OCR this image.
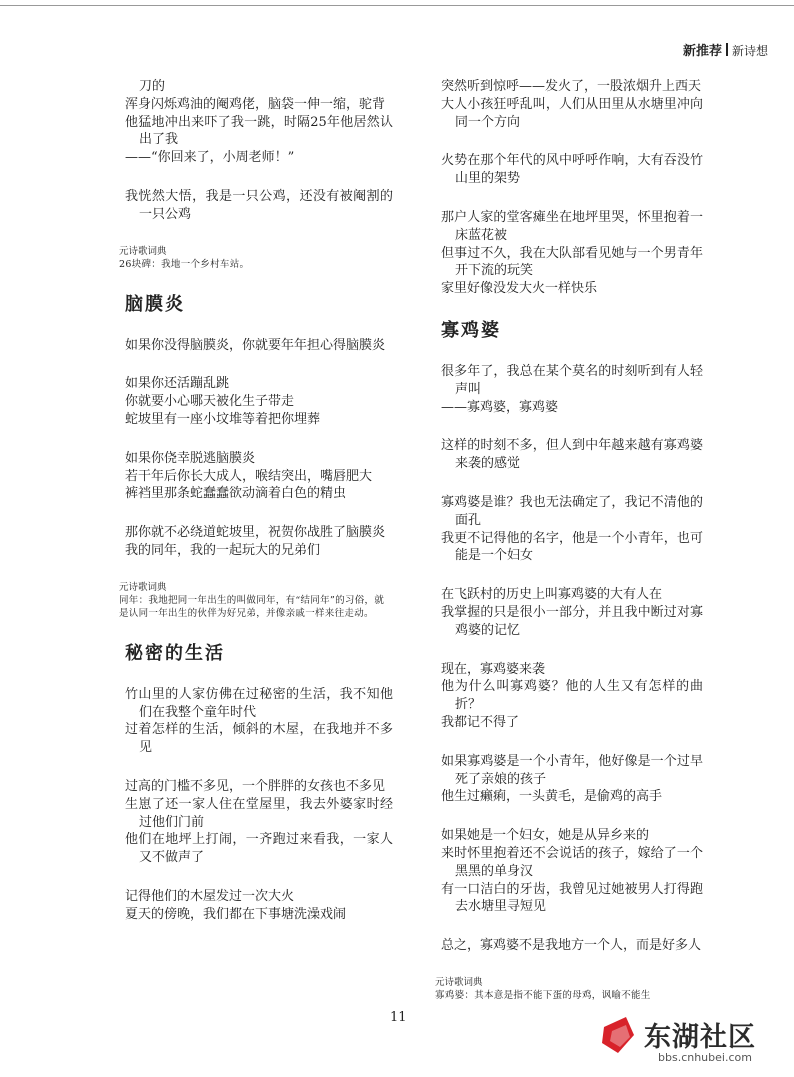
新推荐 新诗想

刀的

浑身闪烁鸡油的阉鸡佬，脑袋一伸一缩，驼背

他猛地冲出来吓了我一跳，时隔25年他居然认出了我

——“你回来了，小周老师！”

我恍然大悟，我是一只公鸡，还没有被阉割的一只公鸡

元诗歌词典

26块碑：我地一个乡村车站。

脑膜炎

如果你没得脑膜炎，你就要年年担心得脑膜炎

如果你还活蹦乱跳

你就要小心哪天被化生子带走

蛇坡里有一座小坟堆等着把你埋葬

如果你侥幸脱逃脑膜炎

若干年后你长大成人，喉结突出，嘴唇肥大

裤裆里那条蛇蠢蠢欲动滴着白色的精虫

那你就不必绕道蛇坡里，祝贺你战胜了脑膜炎

我的同年，我的一起玩大的兄弟们

元诗歌词典

同年：我地把同一年出生的叫做同年，有“结同年”的习俗，就是认同一年出生的伙伴为好兄弟，并像亲戚一样来往走动。

秘密的生活

竹山里的人家仿佛在过秘密的生活，我不知他们在我整个童年时代

过着怎样的生活，倾斜的木屋，在我地并不多见

过高的门槛不多见，一个胖胖的女孩也不多见

生崽了还一家人住在堂屋里，我去外婆家时经过他们门前

他们在地坪上打闹，一齐跑过来看我，一家人又不做声了

记得他们的木屋发过一次大火

夏天的傍晚，我们都在下事塘洗澡戏闹

突然听到惊呼——发火了，一股浓烟升上西天

大人小孩狂呼乱叫，人们从田里从水塘里冲向同一个方向

火势在那个年代的风中呼呼作响，大有吞没竹山里的架势

那户人家的堂客瘫坐在地坪里哭，怀里抱着一床蓝花被

但事过不久，我在大队部看见她与一个男青年开下流的玩笑

家里好像没发大火一样快乐

寡鸡婆

很多年了，我总在某个莫名的时刻听到有人轻声叫

——寡鸡婆，寡鸡婆

这样的时刻不多，但人到中年越来越有寡鸡婆来袭的感觉

寡鸡婆是谁？我也无法确定了，我记不清他的面孔

我更不记得他的名字，他是一个小青年，也可能是一个妇女

在飞跃村的历史上叫寡鸡婆的大有人在

我掌握的只是很小一部分，并且我中断过对寡鸡婆的记忆

现在，寡鸡婆来袭

他为什么叫寡鸡婆？他的人生又有怎样的曲折？

我都记不得了

如果寡鸡婆是一个小青年，他好像是一个过早死了亲娘的孩子

他生过癞痢，一头黄毛，是偷鸡的高手

如果她是一个妇女，她是从异乡来的

来时怀里抱着还不会说话的孩子，嫁给了一个黑黑的单身汉

有一口洁白的牙齿，我曾见过她被男人打得跑去水塘里寻短见

总之，寡鸡婆不是我地方一个人，而是好多人

元诗歌词典

寡鸡婆：其本意是指不能下蛋的母鸡，讽喻不能生

11
东湖社区
bbs.cnhubei.com
